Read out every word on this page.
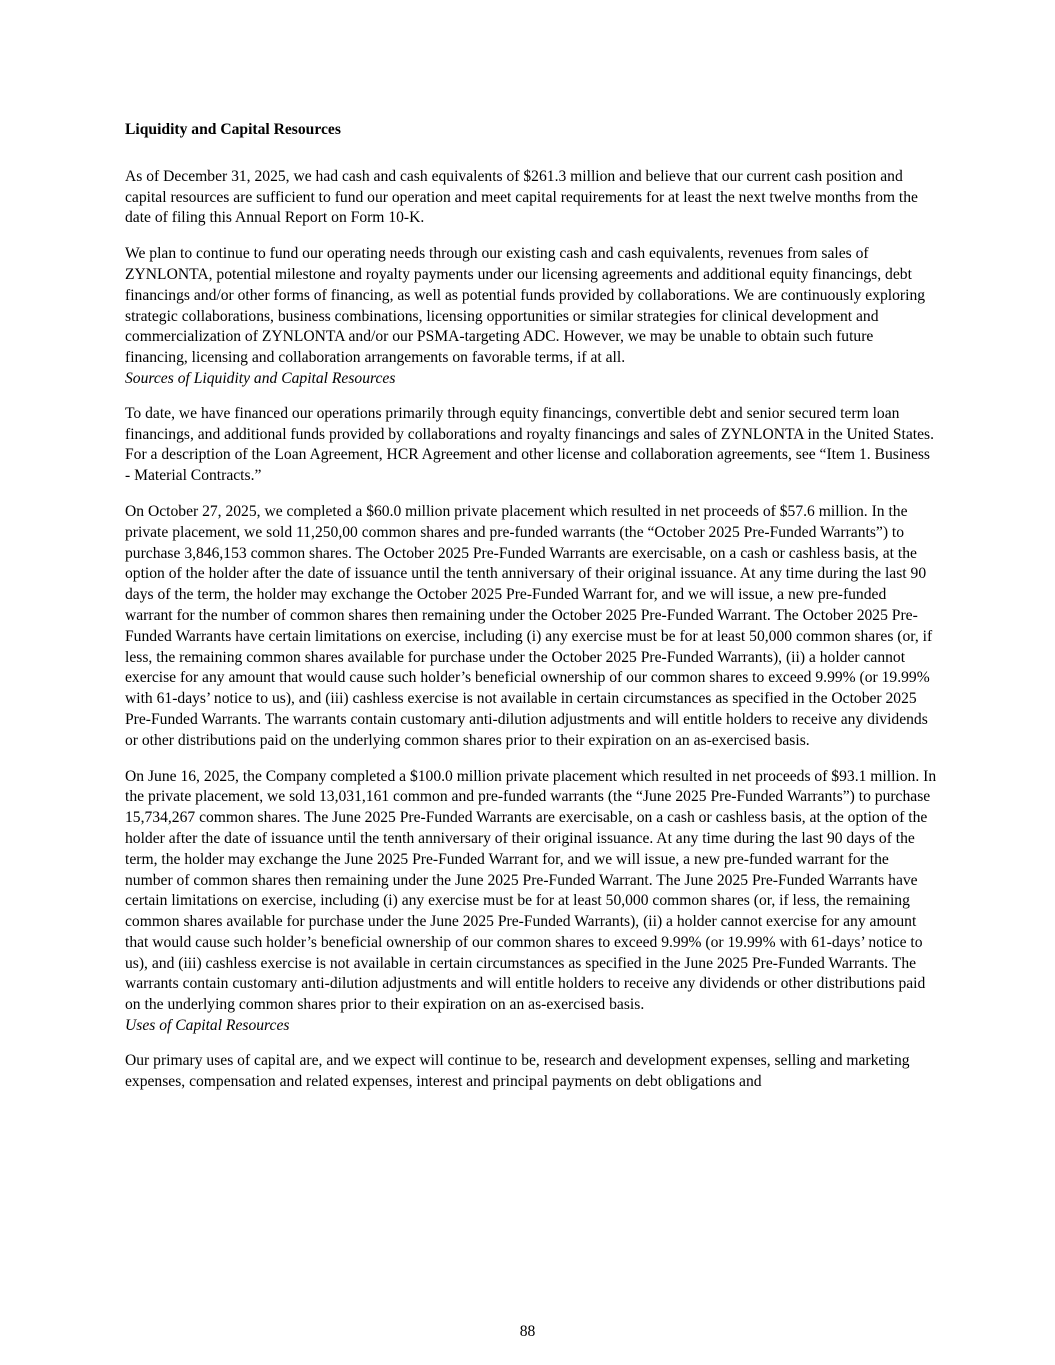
Liquidity and Capital Resources

As of December 31, 2025, we had cash and cash equivalents of $261.3 million and believe that our current cash position and capital resources are sufficient to fund our operation and meet capital requirements for at least the next twelve months from the date of filing this Annual Report on Form 10-K.

We plan to continue to fund our operating needs through our existing cash and cash equivalents, revenues from sales of ZYNLONTA, potential milestone and royalty payments under our licensing agreements and additional equity financings, debt financings and/or other forms of financing, as well as potential funds provided by collaborations. We are continuously exploring strategic collaborations, business combinations, licensing opportunities or similar strategies for clinical development and commercialization of ZYNLONTA and/or our PSMA-targeting ADC. However, we may be unable to obtain such future financing, licensing and collaboration arrangements on favorable terms, if at all.

Sources of Liquidity and Capital Resources

To date, we have financed our operations primarily through equity financings, convertible debt and senior secured term loan financings, and additional funds provided by collaborations and royalty financings and sales of ZYNLONTA in the United States. For a description of the Loan Agreement, HCR Agreement and other license and collaboration agreements, see “Item 1. Business - Material Contracts.”

On October 27, 2025, we completed a $60.0 million private placement which resulted in net proceeds of $57.6 million. In the private placement, we sold 11,250,00 common shares and pre-funded warrants (the “October 2025 Pre-Funded Warrants”) to purchase 3,846,153 common shares. The October 2025 Pre-Funded Warrants are exercisable, on a cash or cashless basis, at the option of the holder after the date of issuance until the tenth anniversary of their original issuance. At any time during the last 90 days of the term, the holder may exchange the October 2025 Pre-Funded Warrant for, and we will issue, a new pre-funded warrant for the number of common shares then remaining under the October 2025 Pre-Funded Warrant. The October 2025 Pre-Funded Warrants have certain limitations on exercise, including (i) any exercise must be for at least 50,000 common shares (or, if less, the remaining common shares available for purchase under the October 2025 Pre-Funded Warrants), (ii) a holder cannot exercise for any amount that would cause such holder’s beneficial ownership of our common shares to exceed 9.99% (or 19.99% with 61-days’ notice to us), and (iii) cashless exercise is not available in certain circumstances as specified in the October 2025 Pre-Funded Warrants. The warrants contain customary anti-dilution adjustments and will entitle holders to receive any dividends or other distributions paid on the underlying common shares prior to their expiration on an as-exercised basis.

On June 16, 2025, the Company completed a $100.0 million private placement which resulted in net proceeds of $93.1 million. In the private placement, we sold 13,031,161 common and pre-funded warrants (the “June 2025 Pre-Funded Warrants”) to purchase 15,734,267 common shares. The June 2025 Pre-Funded Warrants are exercisable, on a cash or cashless basis, at the option of the holder after the date of issuance until the tenth anniversary of their original issuance. At any time during the last 90 days of the term, the holder may exchange the June 2025 Pre-Funded Warrant for, and we will issue, a new pre-funded warrant for the number of common shares then remaining under the June 2025 Pre-Funded Warrant. The June 2025 Pre-Funded Warrants have certain limitations on exercise, including (i) any exercise must be for at least 50,000 common shares (or, if less, the remaining common shares available for purchase under the June 2025 Pre-Funded Warrants), (ii) a holder cannot exercise for any amount that would cause such holder’s beneficial ownership of our common shares to exceed 9.99% (or 19.99% with 61-days’ notice to us), and (iii) cashless exercise is not available in certain circumstances as specified in the June 2025 Pre-Funded Warrants. The warrants contain customary anti-dilution adjustments and will entitle holders to receive any dividends or other distributions paid on the underlying common shares prior to their expiration on an as-exercised basis.

Uses of Capital Resources

Our primary uses of capital are, and we expect will continue to be, research and development expenses, selling and marketing expenses, compensation and related expenses, interest and principal payments on debt obligations and

88
